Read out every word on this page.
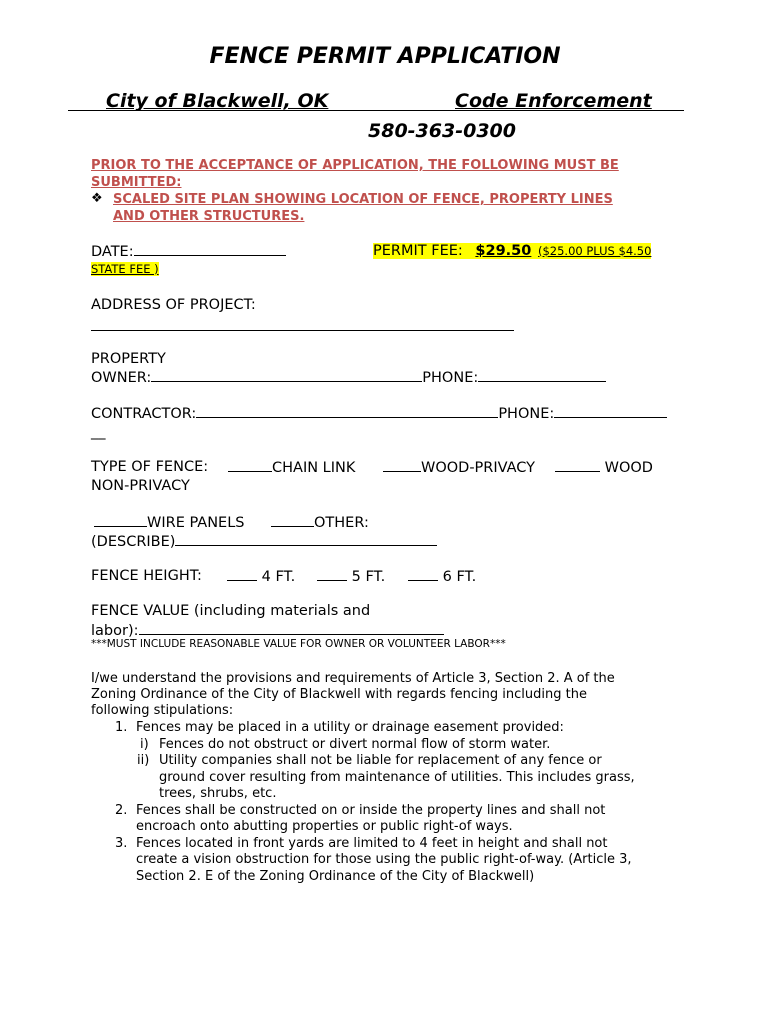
FENCE PERMIT APPLICATION
City of Blackwell, OK	Code Enforcement
580-363-0300
PRIOR TO THE ACCEPTANCE OF APPLICATION, THE FOLLOWING MUST BE
SUBMITTED:
❖ SCALED SITE PLAN SHOWING LOCATION OF FENCE, PROPERTY LINES
AND OTHER STRUCTURES.
DATE:	PERMIT FEE: $29.50 ($25.00 PLUS $4.50
STATE FEE )
ADDRESS OF PROJECT:
PROPERTY
OWNER:	PHONE:
CONTRACTOR:	PHONE:
__
TYPE OF FENCE:	CHAIN LINK	WOOD-PRIVACY	WOOD
NON-PRIVACY
WIRE PANELS	OTHER:
(DESCRIBE)
FENCE HEIGHT:	4 FT.	5 FT.	6 FT.
FENCE VALUE (including materials and
labor):
***MUST INCLUDE REASONABLE VALUE FOR OWNER OR VOLUNTEER LABOR***
I/we understand the provisions and requirements of Article 3, Section 2. A of the
Zoning Ordinance of the City of Blackwell with regards fencing including the
following stipulations:
1. Fences may be placed in a utility or drainage easement provided:
i) Fences do not obstruct or divert normal flow of storm water.
ii) Utility companies shall not be liable for replacement of any fence or
ground cover resulting from maintenance of utilities. This includes grass,
trees, shrubs, etc.
2. Fences shall be constructed on or inside the property lines and shall not
encroach onto abutting properties or public right-of ways.
3. Fences located in front yards are limited to 4 feet in height and shall not
create a vision obstruction for those using the public right-of-way. (Article 3,
Section 2. E of the Zoning Ordinance of the City of Blackwell)
